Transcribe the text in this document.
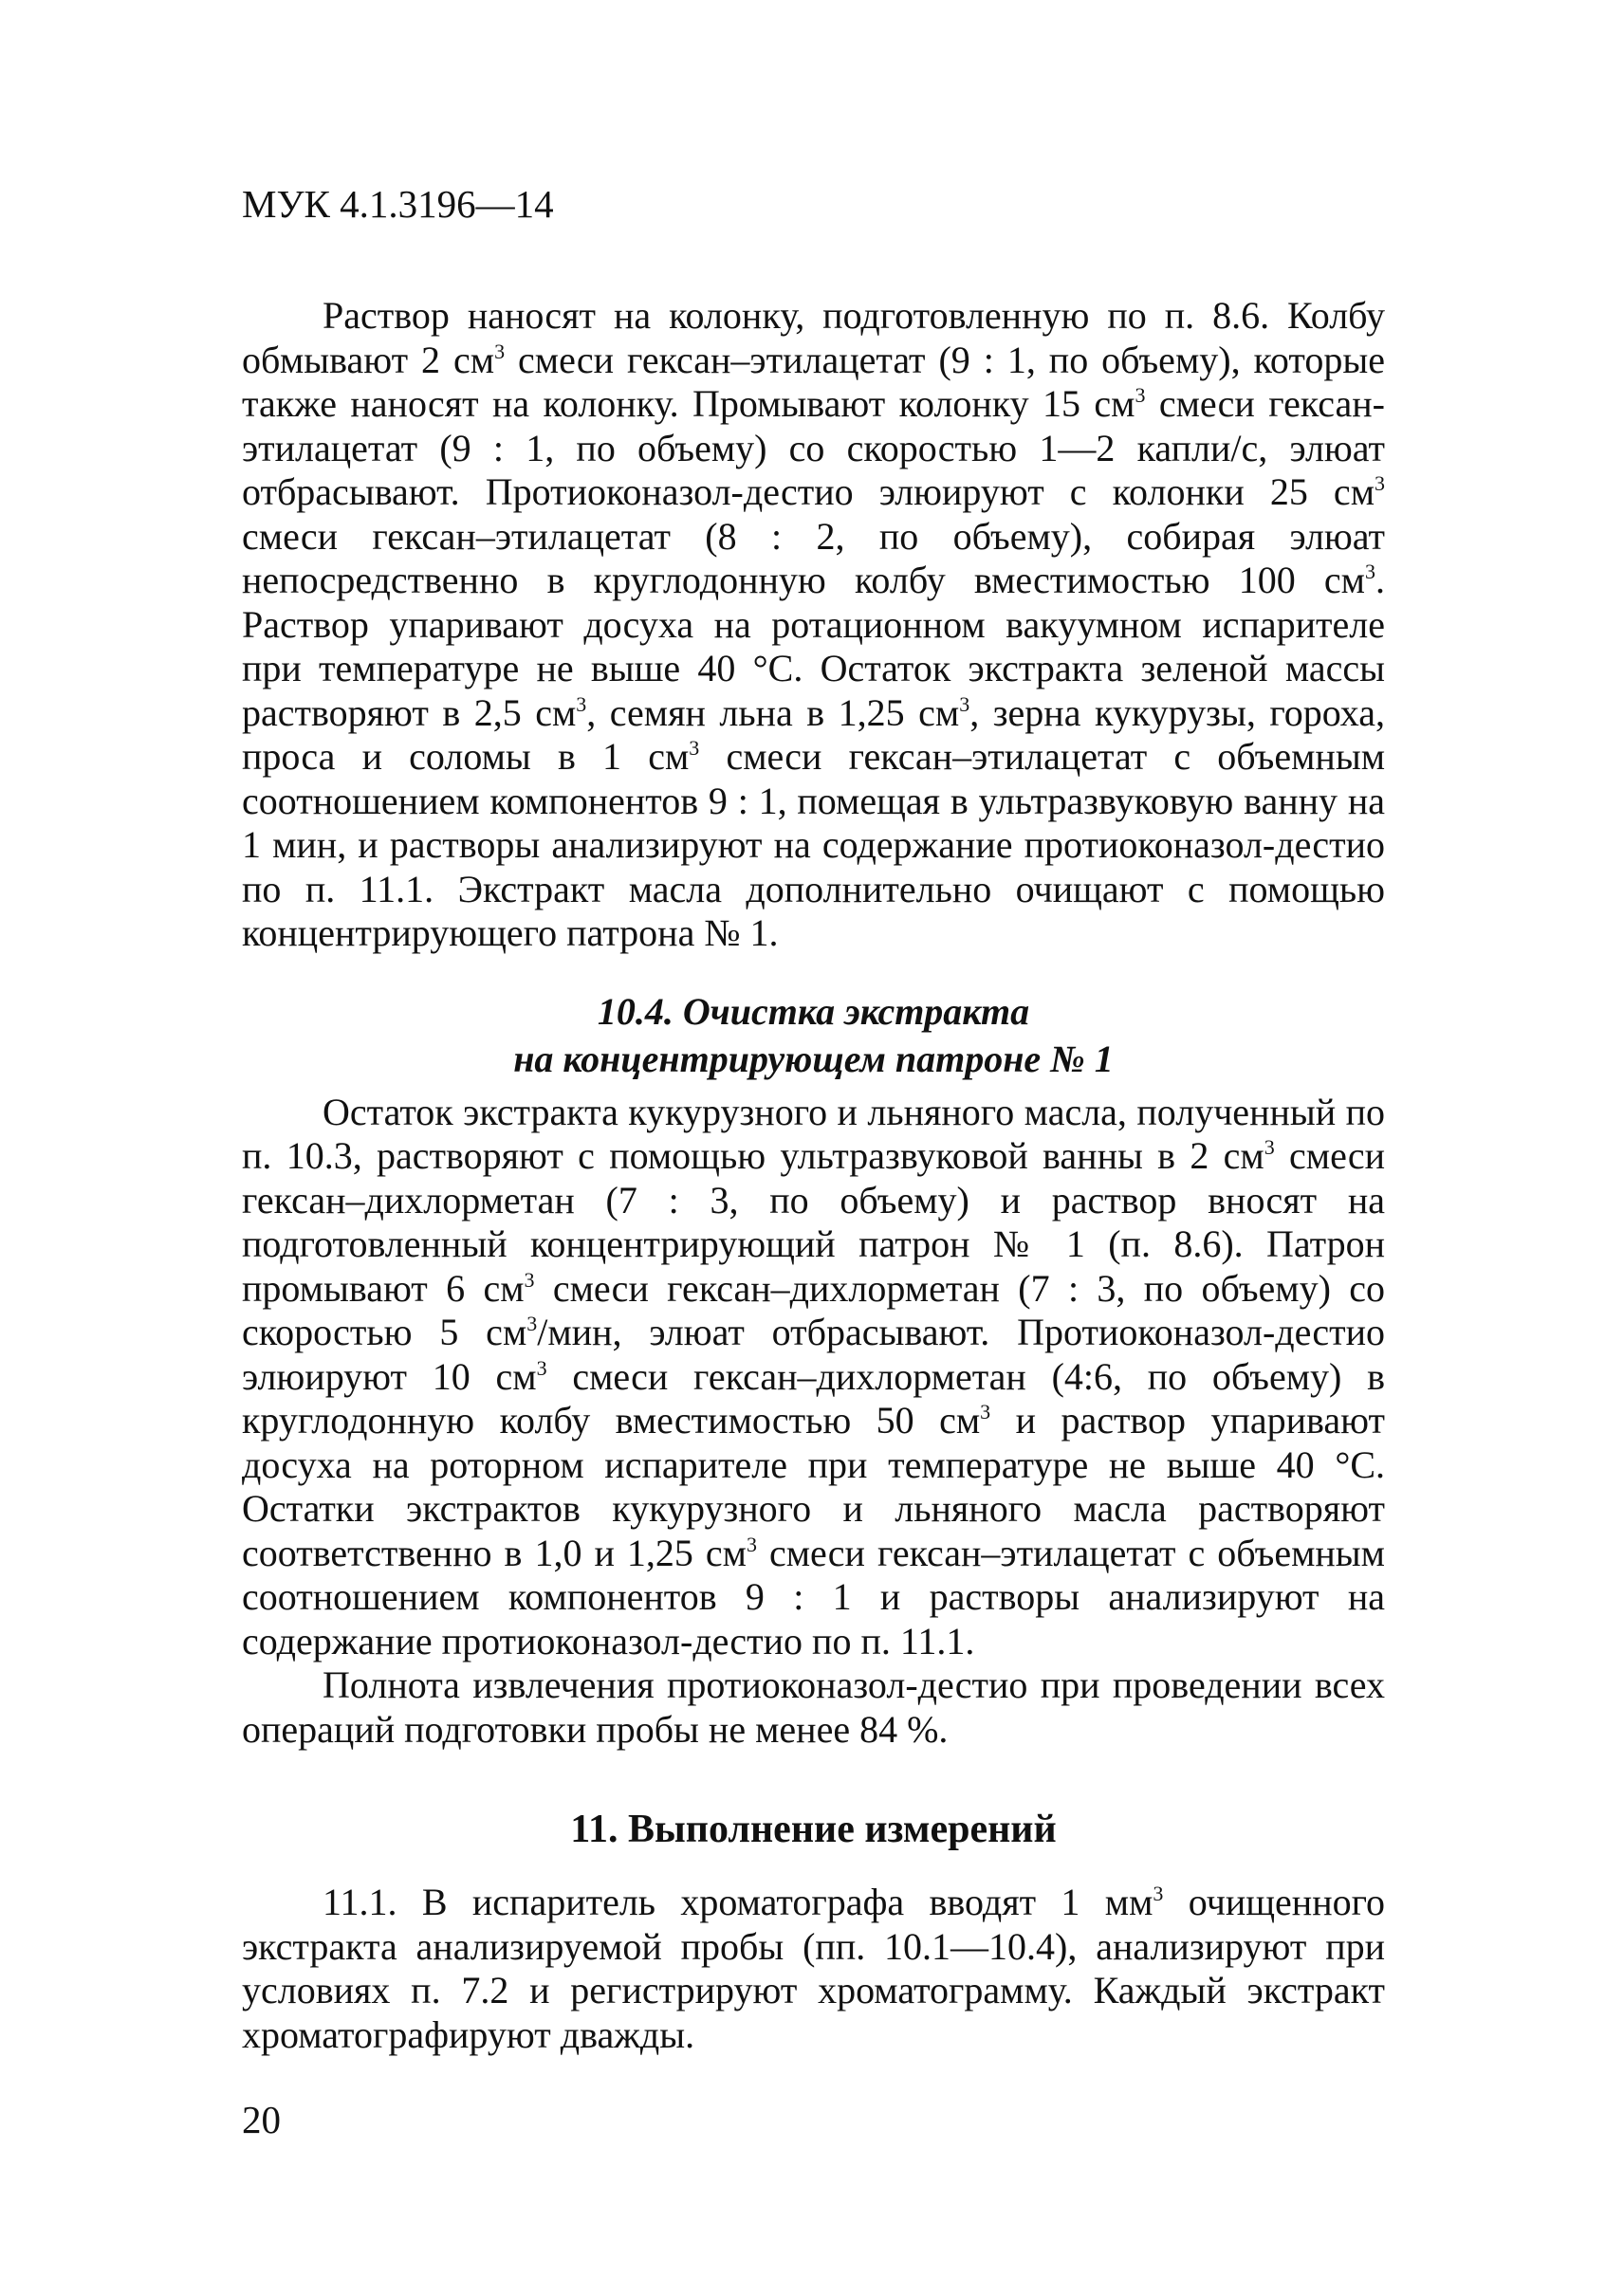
МУК 4.1.3196—14

Раствор наносят на колонку, подготовленную по п. 8.6. Колбу обмывают 2 $см^3$ смеси гексан–этилацетат (9 : 1, по объему), которые также наносят на колонку. Промывают колонку 15 $см^3$ смеси гексан-этилацетат (9 : 1, по объему) со скоростью 1—2 капли/с, элюат отбрасывают. Протиоконазол-дестио элюируют с колонки 25 $см^3$ смеси гексан–этилацетат (8 : 2, по объему), собирая элюат непосредственно в круглодонную колбу вместимостью 100 $см^3$. Раствор упаривают досуха на ротационном вакуумном испарителе при температуре не выше 40 °С. Остаток экстракта зеленой массы растворяют в 2,5 $см^3$, семян льна в 1,25 $см^3$, зерна кукурузы, гороха, проса и соломы в 1 $см^3$ смеси гексан–этилацетат с объемным соотношением компонентов 9 : 1, помещая в ультразвуковую ванну на 1 мин, и растворы анализируют на содержание протиоконазол-дестио по п. 11.1. Экстракт масла дополнительно очищают с помощью концентрирующего патрона № 1.

10.4. Очистка экстракта
на концентрирующем патроне № 1

Остаток экстракта кукурузного и льняного масла, полученный по п. 10.3, растворяют с помощью ультразвуковой ванны в 2 $см^3$ смеси гексан–дихлорметан (7 : 3, по объему) и раствор вносят на подготовленный концентрирующий патрон № 1 (п. 8.6). Патрон промывают 6 $см^3$ смеси гексан–дихлорметан (7 : 3, по объему) со скоростью 5 $см^3$/мин, элюат отбрасывают. Протиоконазол-дестио элюируют 10 $см^3$ смеси гексан–дихлорметан (4:6, по объему) в круглодонную колбу вместимостью 50 $см^3$ и раствор упаривают досуха на роторном испарителе при температуре не выше 40 °С. Остатки экстрактов кукурузного и льняного масла растворяют соответственно в 1,0 и 1,25 $см^3$ смеси гексан–этилацетат с объемным соотношением компонентов 9 : 1 и растворы анализируют на содержание протиоконазол-дестио по п. 11.1.

Полнота извлечения протиоконазол-дестио при проведении всех операций подготовки пробы не менее 84 %.

11. Выполнение измерений

11.1. В испаритель хроматографа вводят 1 $мм^3$ очищенного экстракта анализируемой пробы (пп. 10.1—10.4), анализируют при условиях п. 7.2 и регистрируют хроматограмму. Каждый экстракт хроматографируют дважды.

20
